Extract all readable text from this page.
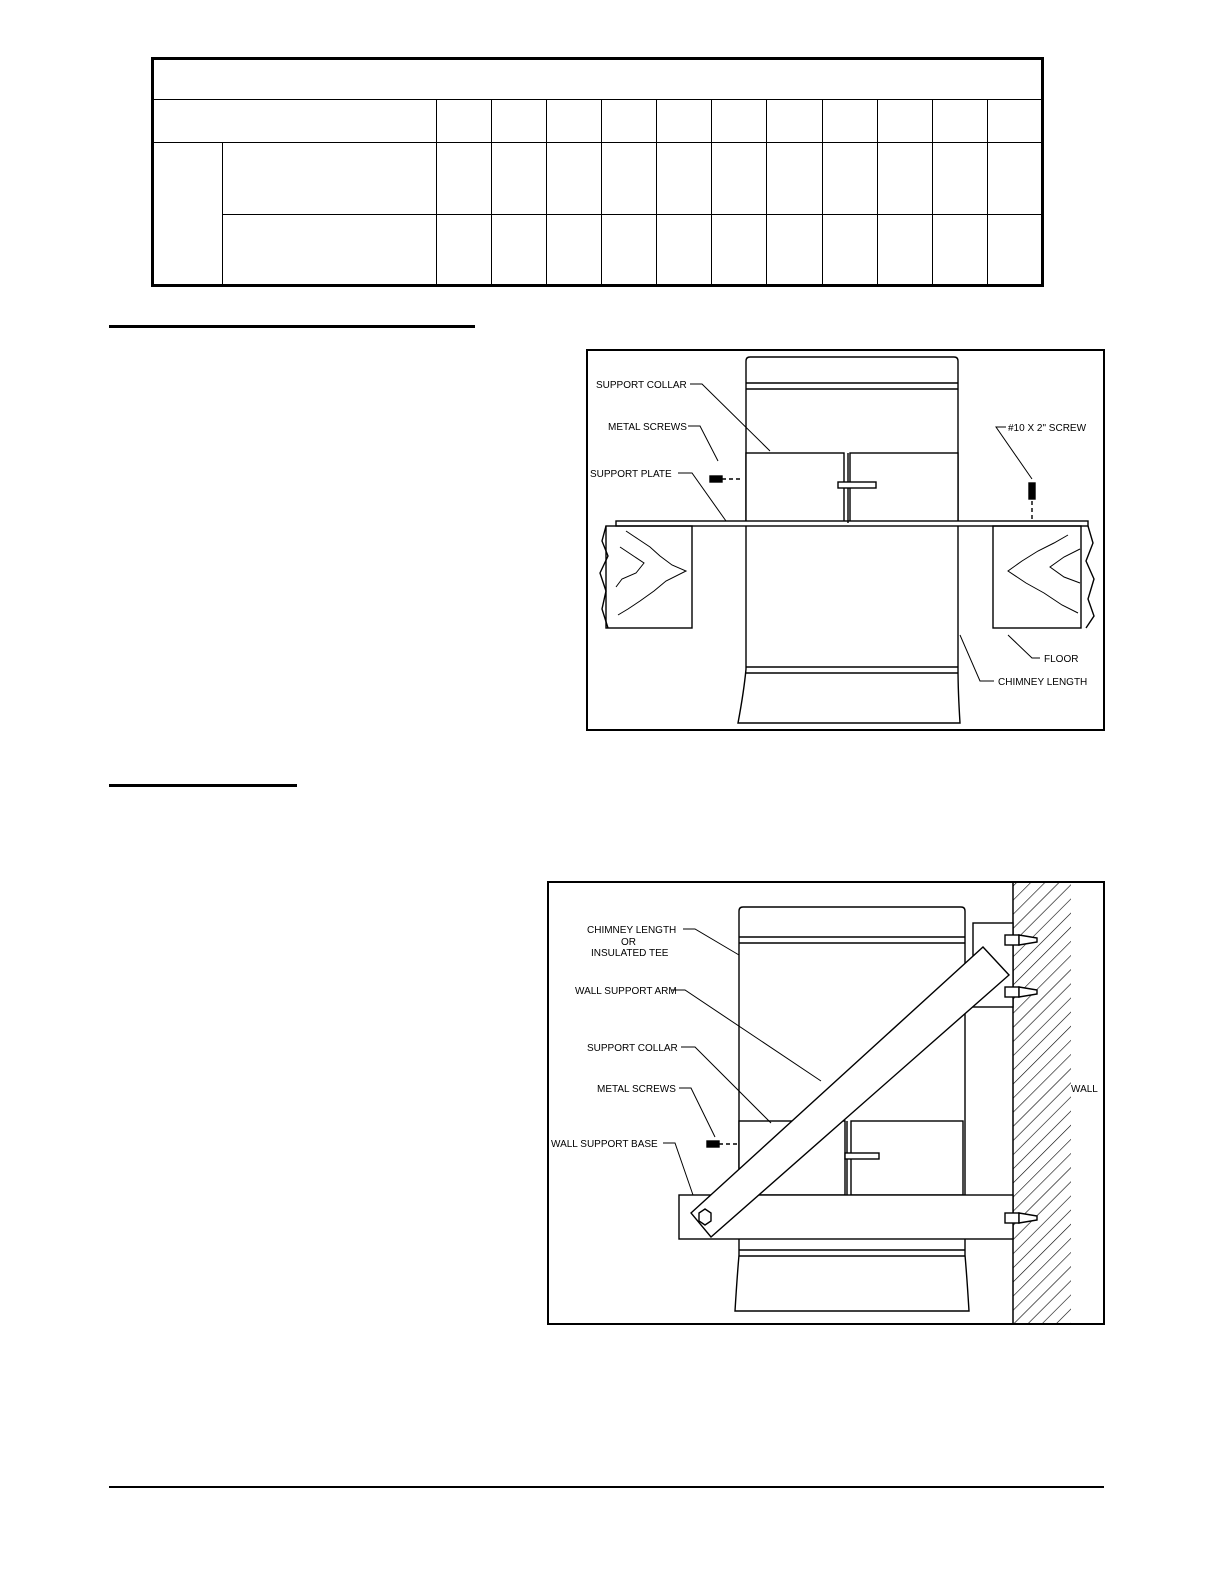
SUPPORT COLLAR
METAL SCREWS
SUPPORT PLATE
#10 X 2" SCREW
FLOOR
CHIMNEY LENGTH
CHIMNEY LENGTH
OR
INSULATED TEE
WALL SUPPORT ARM
SUPPORT COLLAR
METAL SCREWS
WALL SUPPORT BASE
WALL
